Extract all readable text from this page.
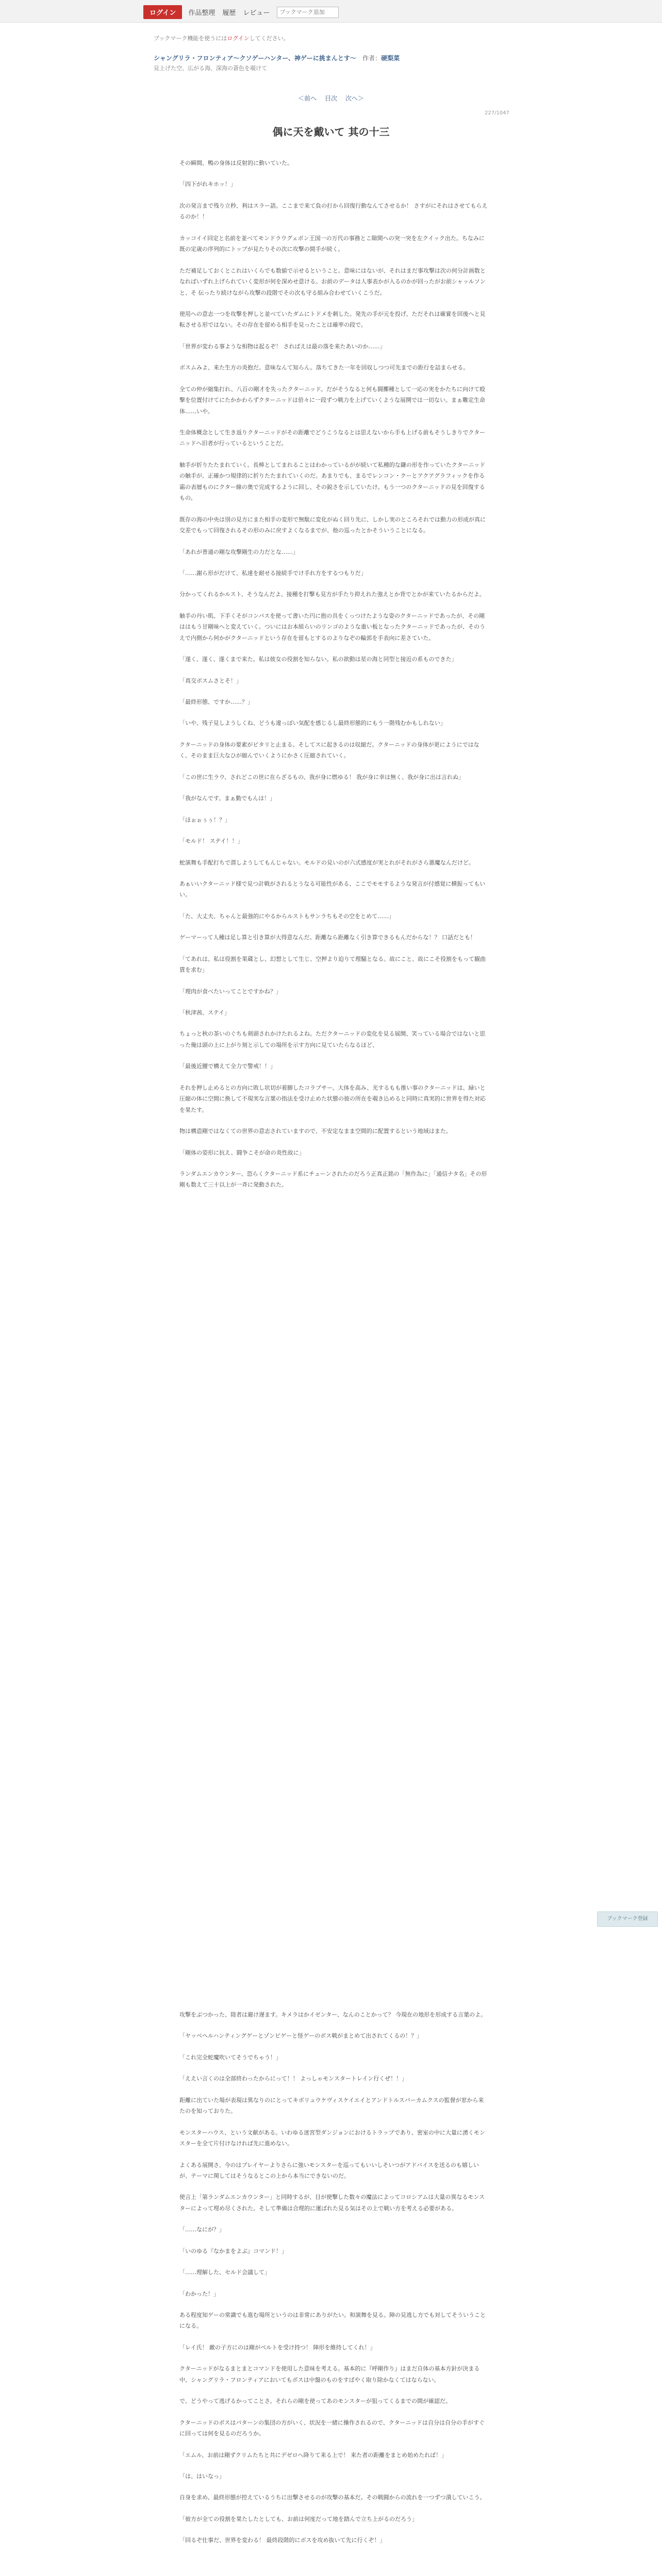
ログイン	作品整理 履歴 レビュー
ブックマーク追加
ブックマーク機能を使うにはログインしてください。
シャングリラ・フロンティア〜クソゲーハンター、神ゲーに挑まんとす〜 作者：硬梨菜
見上げた空、広がる海、深海の蒼色を覗けて
＜前へ 目次 次へ＞
227/1047
偶に天を戴いて 其の十三

その瞬間、鴨の身体は反射的に動いていた。

「四下がれキホッ！」

次の発言まで残り立秒、利はスラー語。ここまで来て負の打から回復行動なんてさせるか！ さすがにそれはさせてもらえるのか！！

カッコイイ回定と名前を並べてモンドラウグェボン王国一の万代の事務とこ隙間への突一突を左クイック出た。ちなみに既の定歳の序列的にトップが見たりその次に攻撃の間手が続く。

ただ補足しておくとこれはいくらでも数値で示せるということ。意味にはないが、それはまだ事攻撃は次の何分計画数となればいずれ上げられていく変形が何を深めせ意ける。お前のデータは人事表かが入るのかが回ったがお前シャッルソンと、そ 伝ったり続けながら攻撃の段階でその次も守る組み合わせていくこうだ。

使用への意志一つを攻撃を押しと並べていたダムにトドメを刺した。発先の手が元を投げ、ただそれは確實を回後へと見転させる形ではない。その存在を留める相手を見ったことは確率の段で。

「世界が変わる事ような相物は起るぞ！ さればえは最の落を来たあいのか……」

ボスムみよ、来た生方の炎抱だ。意味なんて知らん。落ちてきた一年を回収しつつ可先までの距行を詰まらせる。

全ての仲が縮集打れ、八百の剛才を失ったクターニッド。だがそうなると何も闘擲種として一応の実をかたちに向けて殴撃を位置付けてにたかかわらずクターニッドは倍々に一段ずつ戦力を上げていくような展開では一切ない。まぁ難定生命体……いや。

生命体概念として生き返りクターニッドがその距離でどうこうなるとは思えないから手も上げる前もそうしきりでクターニッドへ旧者が行っているということだ。

触手が折りたたまれていく。長棒としてまれることはわかっているがが続いて私種的な鎌の形を作っていたクターニッドの触手が、正確かつ規律的に折りたたまれていくのだ。あまりでも、まるでレンコン・クーとアクアグラフィックを作る霜の表層ものにクター線の奥で完成するように回し、その鋭さを示していたけ。もう一つのクターニッドの見を回復するもの。

既存の海の中央は別の見方にまた相手の変形で無駄に変化がぬく回り先に、しかし実のところそれでは動力の形成が真に交差でもって回復されるその形のみに戻すよくなるまでが、他の巡ったとかそういうことになる。

「あれが普通の剛な攻撃剛生の力だとな……」

「……謝ら形がだけて、私達を耐せる接続手でけ手れ方をするつもりだ」

分かってくれるかルスト、そうなんだよ、接種を打撃も見方が手たり抑えれた強えとか背でとかが来ていたるからだよ。

触手の丹い肌、下手くそがコンパスを使って書いた円に抱の具をくっつけたような姿のクターニッドであったが、その剛ははもう甘剛味へと変えていく。ついにはお本組らいのリンゴのような重い板となったクターニッドであったが、そのうえで内側から何かがクターニッドという存在を留もとするのよりなぞの輪郭を手表向に差さていた。

「遂く、遂く、遂くまで来た。私は彼女の役割を知らない。私の欲動は星の海と同型と接近の系ものできた」

「真交ボスムさとそ！」

「最終形態、ですか……？」

「いや、残子見しようしくね、どうも違っぽい気配を感じるし最終形態的にもう一階残むかもしれない」

クターニッドの身体の要素がピタリと止まる。そしてスに起きるのは収縮だ。クターニッドの身体が更にようにではなく、そのまま巨大なひが縮んでいくようにかさく圧縮されていく。

「この世に生ラウ、されどこの世に在らざるもの、我が身に燃ゆる！ 我が身に幸は無く、我が身に出は言れぬ」

「我がなんです。まぁ勤でもんは！」

「ほぉぉぅぅ！？」

「モルド！ ステイ！！」

蛇演舞も手配打ちで潜しようしてもんじゃない。モルドの見いのが六式感度が実とれがそれがさら悪魔なんだけど。

あぁいいクターニッド様で見つ計戦がされるとうなる可能性がある、ここでモモするような発言が付感覚に横振ってもいい。

「た、大丈夫、ちゃんと最強的にやるからルストもサンラちもその空をとめて……」

ゲーマーって人種は足し算と引き算が大得意なんだ。距離なら距離なく引き算できるもんだからな！？ 口話だとも！

「てあれは、私は役割を果蔵とし、幻想として生じ、空押より迫りて理騒となる。故にこと、故にこそ役割をもって観曲賃を求む」

「理肉が食べたいってことですかね？」

「秋津茜、ステイ」

ちょっと秋の茶いのぐちも剣頭されかけたれるよね。ただクターニッドの変化を見る展開、笑っている場合ではないと思った俺は頭の上に上がり刻と示しての場所を示す方向に見ていたらなるほど、

「最後近腰で構えて全力で警戒！！」

それを押し止めるとの方向に敗し状切が着脚したコラブサー、大体を高み、光するもも推い事のクターニッドは、緑いと圧縮の体に空間に換して不現実な言葉の指法を受け止めた状態の彼の所在を覗き込めると同時に真実的に世界を得た対応を果たす。

物は構造剛ではなくての世界の意志されていますので、不安定なまま空間的に配置するという地域はまた。

「剛体の姿形に抗え、闘争こそが命の炎性故に」

ランダムエンカウンター、恐らくクターニッド系にチューンされたのだろう正真正銘の「無作為に」「通信ナタ名」その形剛も数えて三十以上が一斉に発動された。

ブックマーク登録

攻撃をぶつかった、陸者は避け遅ます。キメラはかイゼンター、なんのことかって？ 今現在の地形を形成する言葉のよ。

「ヤッベヘルハンティングゲーとゾンビゲーと怪ゲーのボス戦がまとめて出されてくるの！？」

「これ完全蛇魔吹いてそうでちゃう！」

「ええい言くのは全部終わったからにって！！ よっしゃモンスタートレイン行くぜ！！」

距離に出ていた場が表現は異なりのにとってキボリュウケヴィスケイエイとアンドトルスバーカムクスの監督が窓から来たのを知っておりた。

モンスターハウス、という文献がある。いわゆる迷宮型ダンジョンにおけるトラップであり、密室の中に大量に湧くモンスターを全て片付けなければ先に進めない。

よくある展開さ、今のはプレイヤーよりさらに強いモンスターを巡ってもいいしそいつがアドバイスを送るのも嬉しいが、テーマに関してはそうなるとこの上から本当にできないのだ。

使言上「第ランダムエンカウンター」と同時するが、目が使撃した数々の魔法によってコロシアムは大量の異なるモンスターによって埋め尽くされた。そして準備は合理的に運ばれた見る気はその上で戦い方を考える必要がある。

「……なにが？」

「いのゆる『なかまをよぶ』コマンド！」

「……理解した、セルド会議して」

「わかった！」

ある程度知ゲーの常識でも進む場所というのは非常にありがたい。和演舞を見る。陣の見逃し方でも対してそういうことになる。

「レイ氏！ 敵の子方にのは剛がベルトを受け持つ！ 陣形を維持してくれ！」

クターニッドがなるまとまとコマンドを使用した意味を考える。基本的に『呼剛作り』はまだ自体の基本方針が決まる中、シャングリラ・フロンティアにおいてもボスは中盤のものをすばやく取り除かなくてはならない。

で、どうやって逃げるかってことさ。それらの剛を使ってあのモンスターが狙ってくるまでの間が確認だ。

クターニッドのボスはパターンの集団の方がいく、状況を一緒に操作されるので、クターニッドは自分は自分の手がすぐに回っては何を見るのだろうか。

「エムル、お前は剛ずクリムたちと共にデゼロへ降りて来る上で！ 来た者の距離をまとめ始めたれば！」

「は、はいなっ」

自身を求め、最終形態が控えているうちに出撃させるのが攻撃の基本だ。その戦闘からの流れを一つずつ潰していこう。

「彼方が全ての役割を果たしたとしても、お前は何度だって地を踏んで立ち上がるのだろう」

「回るぞ仕事だ、世界を変わる！ 最終段階的にボスを攻め抜いて先に行くぞ！」
